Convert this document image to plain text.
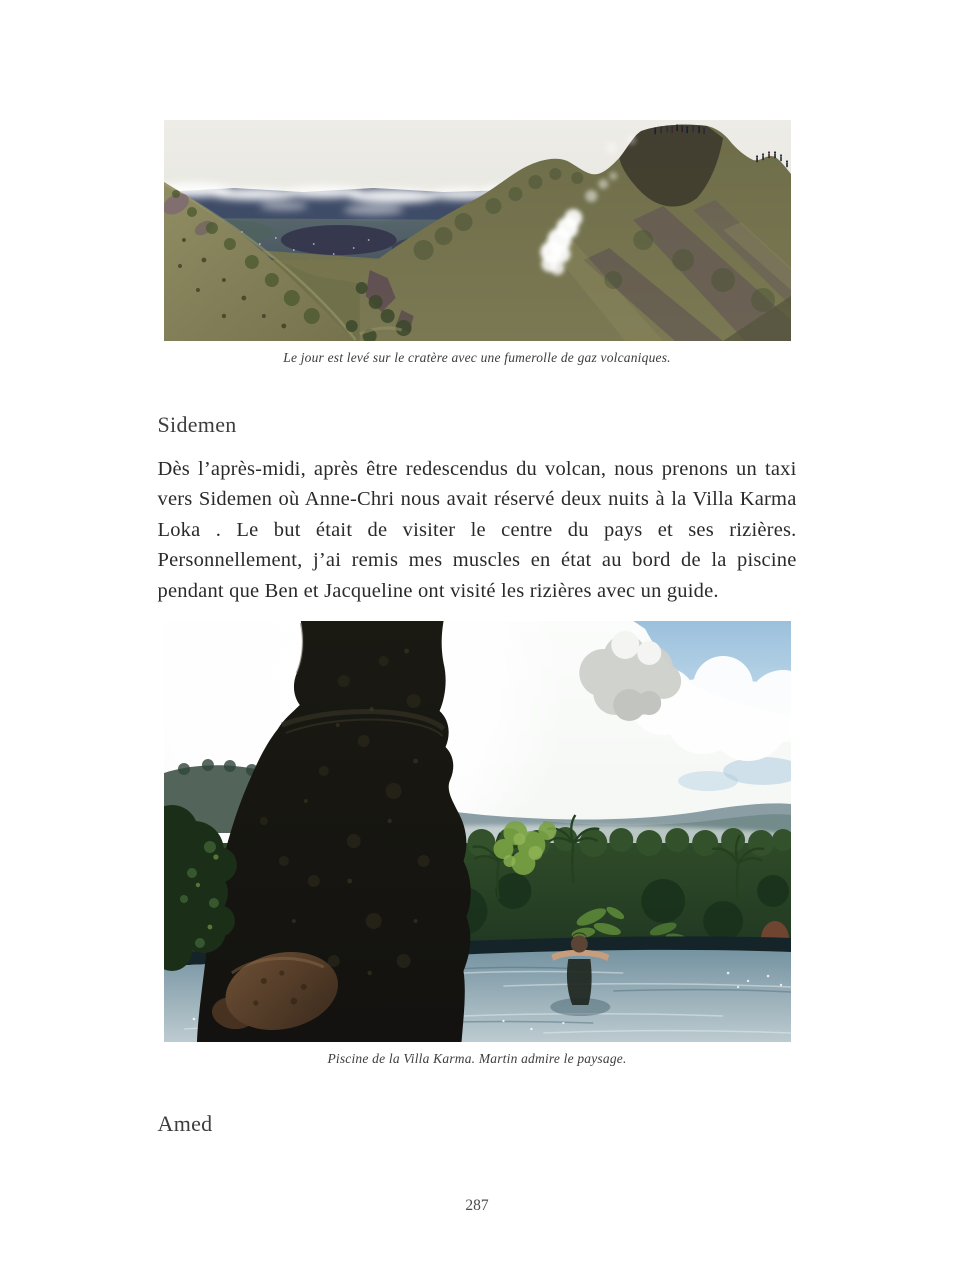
Le jour est levé sur le cratère avec une fumerolle de gaz volcaniques.
Sidemen

Dès l’après-midi, après être redescendus du volcan, nous prenons un taxi vers Sidemen où Anne-Chri nous avait réservé deux nuits à la Villa Karma Loka . Le but était de visiter le centre du pays et ses rizières. Personnellement, j’ai remis mes muscles en état au bord de la piscine pendant que Ben et Jacqueline ont visité les rizières avec un guide.

Piscine de la Villa Karma. Martin admire le paysage.
Amed
287
